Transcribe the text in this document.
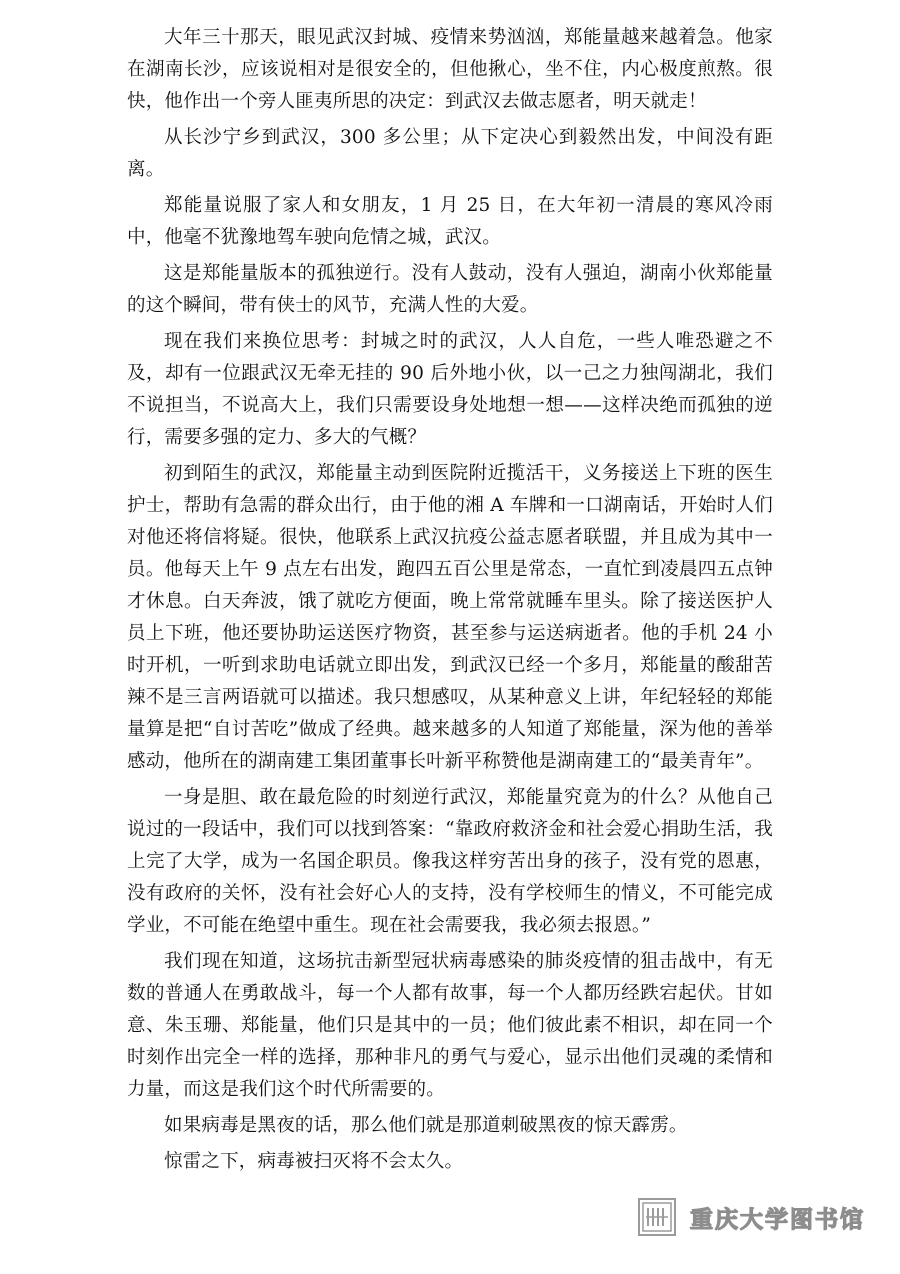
大年三十那天，眼见武汉封城、疫情来势汹汹，郑能量越来越着急。他家在湖南长沙，应该说相对是很安全的，但他揪心，坐不住，内心极度煎熬。很快，他作出一个旁人匪夷所思的决定：到武汉去做志愿者，明天就走！

从长沙宁乡到武汉，300 多公里；从下定决心到毅然出发，中间没有距离。

郑能量说服了家人和女朋友，1 月 25 日，在大年初一清晨的寒风冷雨中，他毫不犹豫地驾车驶向危情之城，武汉。

这是郑能量版本的孤独逆行。没有人鼓动，没有人强迫，湖南小伙郑能量的这个瞬间，带有侠士的风节，充满人性的大爱。

现在我们来换位思考：封城之时的武汉，人人自危，一些人唯恐避之不及，却有一位跟武汉无牵无挂的 90 后外地小伙，以一己之力独闯湖北，我们不说担当，不说高大上，我们只需要设身处地想一想——这样决绝而孤独的逆行，需要多强的定力、多大的气概？

初到陌生的武汉，郑能量主动到医院附近揽活干，义务接送上下班的医生护士，帮助有急需的群众出行，由于他的湘 A 车牌和一口湖南话，开始时人们对他还将信将疑。很快，他联系上武汉抗疫公益志愿者联盟，并且成为其中一员。他每天上午 9 点左右出发，跑四五百公里是常态，一直忙到凌晨四五点钟才休息。白天奔波，饿了就吃方便面，晚上常常就睡车里头。除了接送医护人员上下班，他还要协助运送医疗物资，甚至参与运送病逝者。他的手机 24 小时开机，一听到求助电话就立即出发，到武汉已经一个多月，郑能量的酸甜苦辣不是三言两语就可以描述。我只想感叹，从某种意义上讲，年纪轻轻的郑能量算是把“自讨苦吃”做成了经典。越来越多的人知道了郑能量，深为他的善举感动，他所在的湖南建工集团董事长叶新平称赞他是湖南建工的“最美青年”。

一身是胆、敢在最危险的时刻逆行武汉，郑能量究竟为的什么？从他自己说过的一段话中，我们可以找到答案：“靠政府救济金和社会爱心捐助生活，我上完了大学，成为一名国企职员。像我这样穷苦出身的孩子，没有党的恩惠，没有政府的关怀，没有社会好心人的支持，没有学校师生的情义，不可能完成学业，不可能在绝望中重生。现在社会需要我，我必须去报恩。”

我们现在知道，这场抗击新型冠状病毒感染的肺炎疫情的狙击战中，有无数的普通人在勇敢战斗，每一个人都有故事，每一个人都历经跌宕起伏。甘如意、朱玉珊、郑能量，他们只是其中的一员；他们彼此素不相识，却在同一个时刻作出完全一样的选择，那种非凡的勇气与爱心，显示出他们灵魂的柔情和力量，而这是我们这个时代所需要的。

如果病毒是黑夜的话，那么他们就是那道刺破黑夜的惊天霹雳。

惊雷之下，病毒被扫灭将不会太久。

重庆大学图书馆
